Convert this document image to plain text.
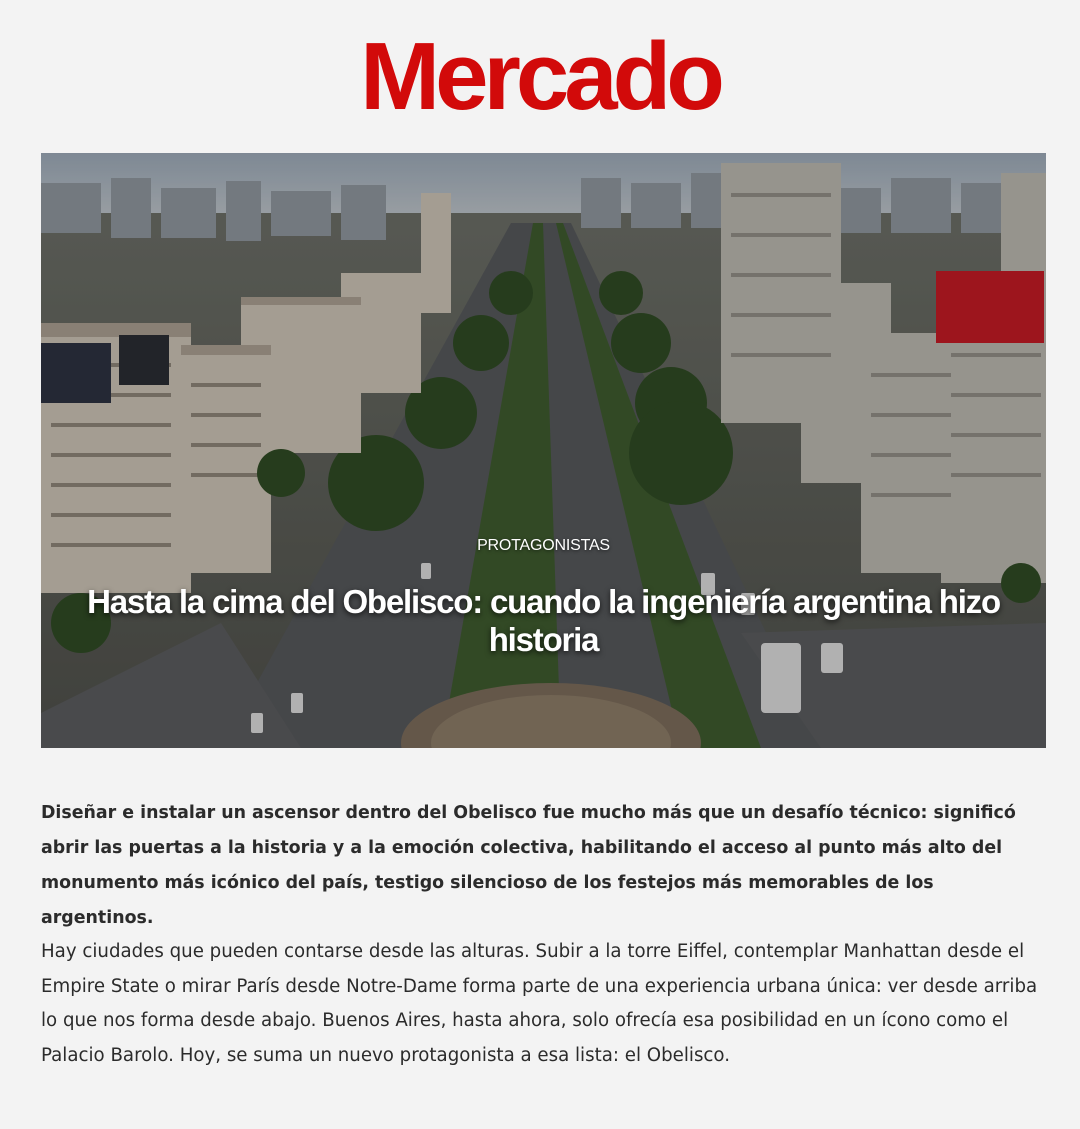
Mercado
PROTAGONISTAS
Hasta la cima del Obelisco: cuando la ingeniería argentina hizo historia

Diseñar e instalar un ascensor dentro del Obelisco fue mucho más que un desafío técnico: significó abrir las puertas a la historia y a la emoción colectiva, habilitando el acceso al punto más alto del monumento más icónico del país, testigo silencioso de los festejos más memorables de los argentinos.

Hay ciudades que pueden contarse desde las alturas. Subir a la torre Eiffel, contemplar Manhattan desde el Empire State o mirar París desde Notre-Dame forma parte de una experiencia urbana única: ver desde arriba lo que nos forma desde abajo. Buenos Aires, hasta ahora, solo ofrecía esa posibilidad en un ícono como el Palacio Barolo. Hoy, se suma un nuevo protagonista a esa lista: el Obelisco.
